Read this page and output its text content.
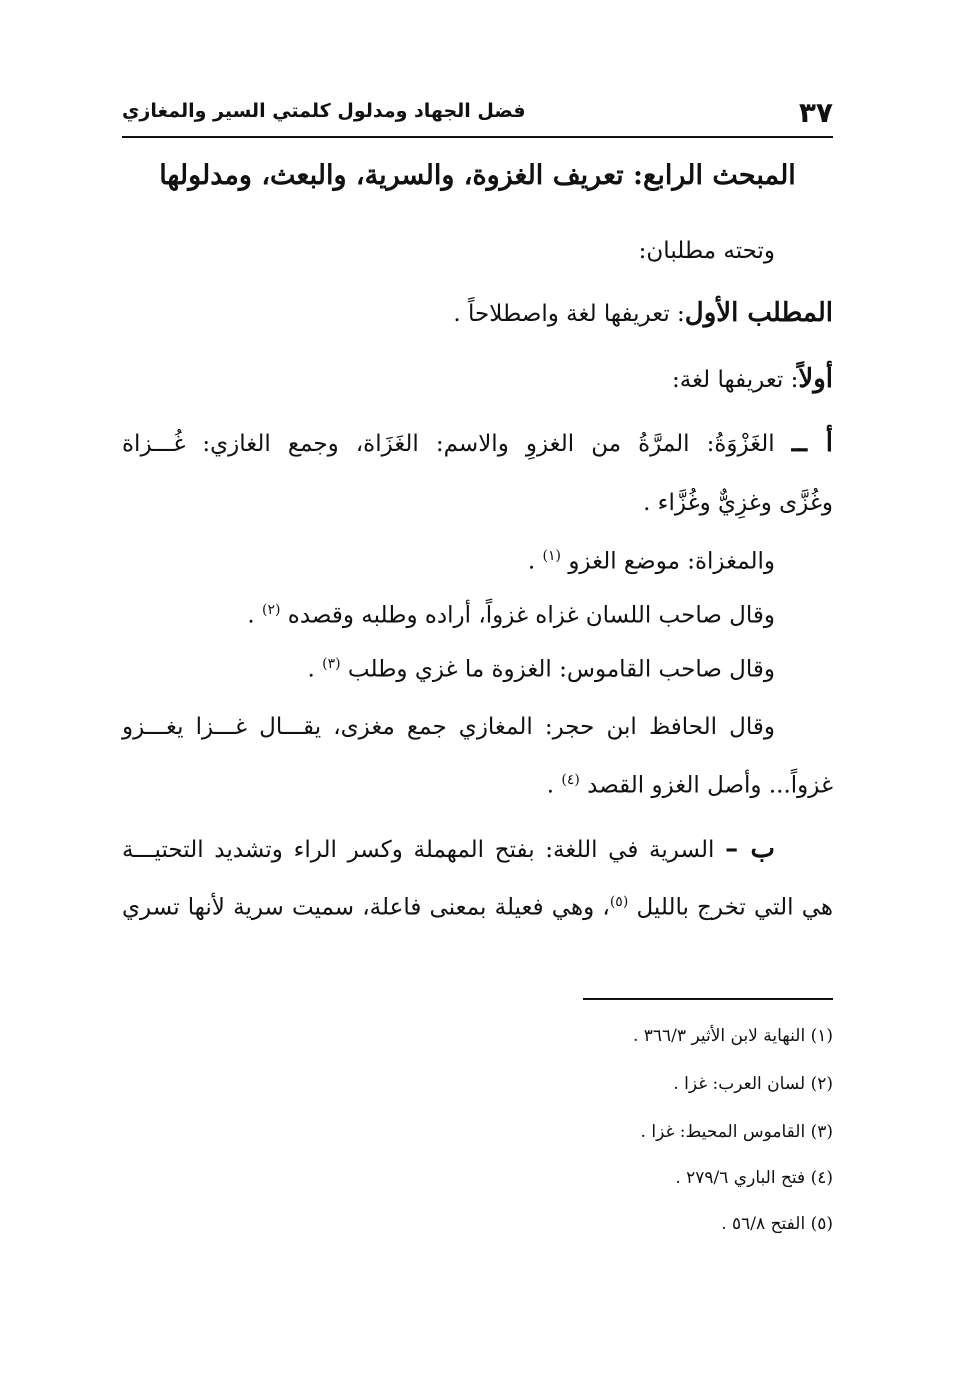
٣٧
فضل الجهاد ومدلول كلمتي السير والمغازي
المبحث الرابع: تعريف الغزوة، والسرية، والبعث، ومدلولها
وتحته مطلبان:
المطلب الأول: تعريفها لغة واصطلاحاً .
أولاً: تعريفها لغة:
أ ــ الغَزْوَةُ: المرَّةُ من الغزوِ والاسم: الغَزَاة، وجمع الغازي: غُـــزاة
وغُزَّى وغزِيٌّ وغُزَّاء .
والمغزاة: موضع الغزو $^{(١)}$ .
وقال صاحب اللسان غزاه غزواً، أراده وطلبه وقصده $^{(٢)}$ .
وقال صاحب القاموس: الغزوة ما غزي وطلب $^{(٣)}$ .
وقال الحافظ ابن حجر: المغازي جمع مغزى، يقـــال غـــزا يغـــزو
غزواً... وأصل الغزو القصد $^{(٤)}$ .
ب – السرية في اللغة: بفتح المهملة وكسر الراء وتشديد التحتيـــة
هي التي تخرج بالليل $^{(٥)}$، وهي فعيلة بمعنى فاعلة، سميت سرية لأنها تسري
(١) النهاية لابن الأثير ٣٦٦/٣ .
(٢) لسان العرب: غزا .
(٣) القاموس المحيط: غزا .
(٤) فتح الباري ٢٧٩/٦ .
(٥) الفتح ٥٦/٨ .
